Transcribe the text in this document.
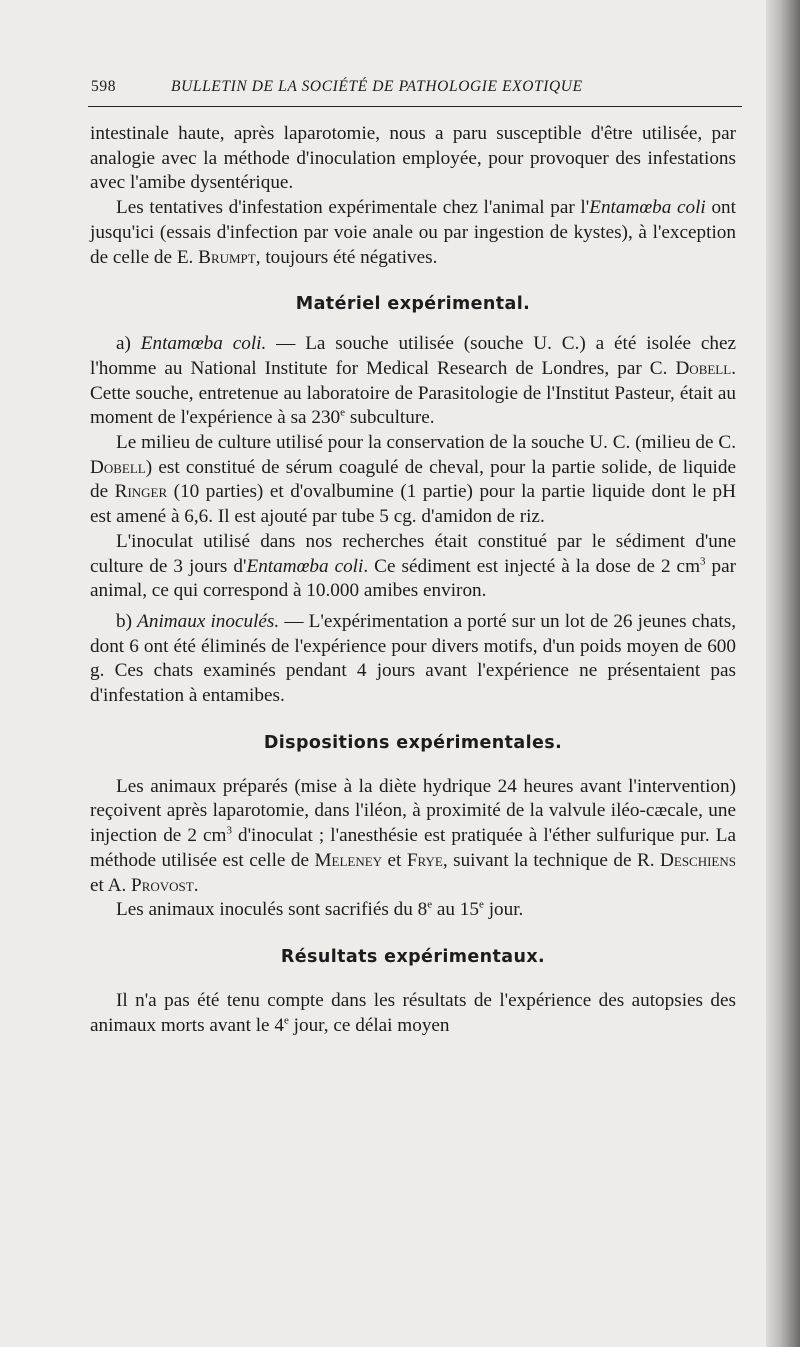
598	BULLETIN DE LA SOCIÉTÉ DE PATHOLOGIE EXOTIQUE

intestinale haute, après laparotomie, nous a paru susceptible d'être utilisée, par analogie avec la méthode d'inoculation employée, pour provoquer des infestations avec l'amibe dysentérique.

Les tentatives d'infestation expérimentale chez l'animal par l'Entamœba coli ont jusqu'ici (essais d'infection par voie anale ou par ingestion de kystes), à l'exception de celle de E. Brumpt, toujours été négatives.

Matériel expérimental.

a) Entamœba coli. — La souche utilisée (souche U. C.) a été isolée chez l'homme au National Institute for Medical Research de Londres, par C. Dobell. Cette souche, entretenue au laboratoire de Parasitologie de l'Institut Pasteur, était au moment de l'expérience à sa 230e subculture.

Le milieu de culture utilisé pour la conservation de la souche U. C. (milieu de C. Dobell) est constitué de sérum coagulé de cheval, pour la partie solide, de liquide de Ringer (10 parties) et d'ovalbumine (1 partie) pour la partie liquide dont le pH est amené à 6,6. Il est ajouté par tube 5 cg. d'amidon de riz.

L'inoculat utilisé dans nos recherches était constitué par le sédiment d'une culture de 3 jours d'Entamœba coli. Ce sédiment est injecté à la dose de 2 $cm^3$ par animal, ce qui correspond à 10.000 amibes environ.

b) Animaux inoculés. — L'expérimentation a porté sur un lot de 26 jeunes chats, dont 6 ont été éliminés de l'expérience pour divers motifs, d'un poids moyen de 600 g. Ces chats examinés pendant 4 jours avant l'expérience ne présentaient pas d'infestation à entamibes.

Dispositions expérimentales.

Les animaux préparés (mise à la diète hydrique 24 heures avant l'intervention) reçoivent après laparotomie, dans l'iléon, à proximité de la valvule iléo-cæcale, une injection de 2 $cm^3$ d'inoculat ; l'anesthésie est pratiquée à l'éther sulfurique pur. La méthode utilisée est celle de Meleney et Frye, suivant la technique de R. Deschiens et A. Provost.

Les animaux inoculés sont sacrifiés du 8e au 15e jour.

Résultats expérimentaux.

Il n'a pas été tenu compte dans les résultats de l'expérience des autopsies des animaux morts avant le 4e jour, ce délai moyen
